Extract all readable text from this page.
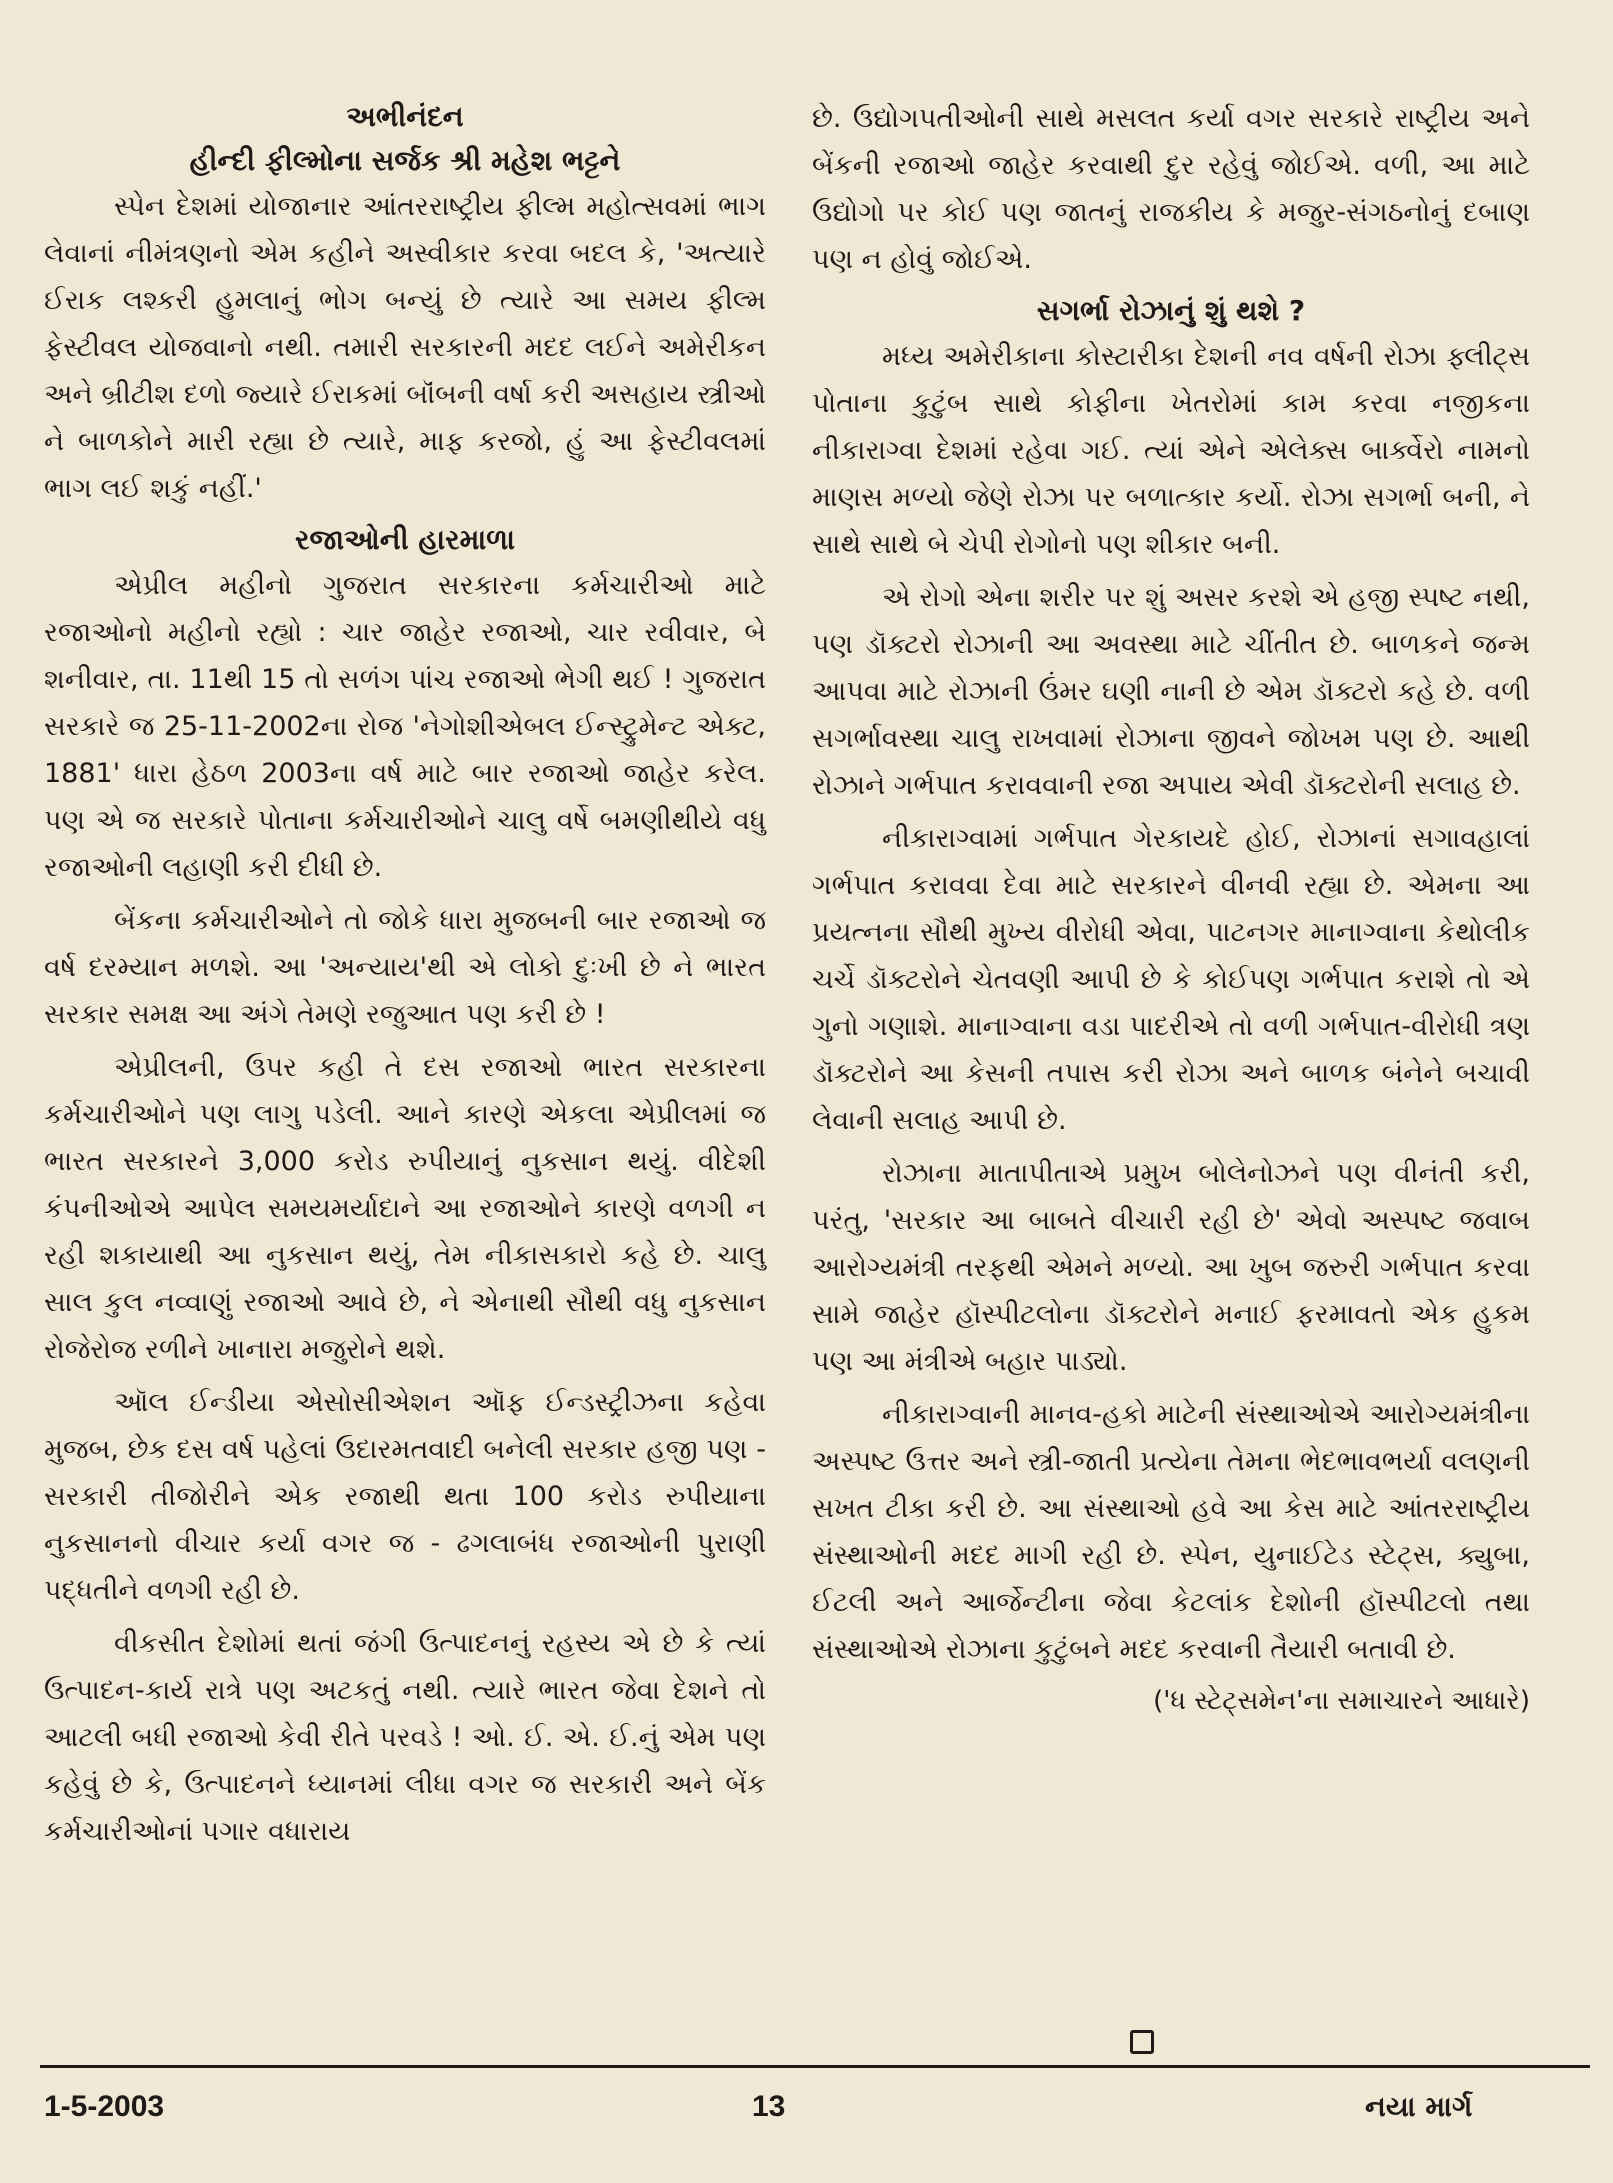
અભીનંદન

હીન્દી ફીલ્મોના સર્જક શ્રી મહેશ ભટ્ટને

સ્પેન દેશમાં યોજાનાર આંતરરાષ્ટ્રીય ફીલ્મ મહોત્સવમાં ભાગ લેવાનાં નીમંત્રણનો એમ કહીને અસ્વીકાર કરવા બદલ કે, 'અત્યારે ઈરાક લશ્કરી હુમલાનું ભોગ બન્યું છે ત્યારે આ સમય ફીલ્મ ફેસ્ટીવલ યોજવાનો નથી. તમારી સરકારની મદદ લઈને અમેરીકન અને બ્રીટીશ દળો જ્યારે ઈરાકમાં બૉંબની વર્ષા કરી અસહાય સ્ત્રીઓ ને બાળકોને મારી રહ્યા છે ત્યારે, માફ કરજો, હું આ ફેસ્ટીવલમાં ભાગ લઈ શકું નહીં.'

રજાઓની હારમાળા

એપ્રીલ મહીનો ગુજરાત સરકારના કર્મચારીઓ માટે રજાઓનો મહીનો રહ્યો : ચાર જાહેર રજાઓ, ચાર રવીવાર, બે શનીવાર, તા. 11થી 15 તો સળંગ પાંચ રજાઓ ભેગી થઈ ! ગુજરાત સરકારે જ 25-11-2002ના રોજ 'નેગોશીએબલ ઈન્સ્ટ્રુમેન્ટ એક્ટ, 1881' ધારા હેઠળ 2003ના વર્ષ માટે બાર રજાઓ જાહેર કરેલ. પણ એ જ સરકારે પોતાના કર્મચારીઓને ચાલુ વર્ષે બમણીથીયે વધુ રજાઓની લહાણી કરી દીધી છે.

બેંકના કર્મચારીઓને તો જોકે ધારા મુજબની બાર રજાઓ જ વર્ષ દરમ્યાન મળશે. આ 'અન્યાય'થી એ લોકો દુઃખી છે ને ભારત સરકાર સમક્ષ આ અંગે તેમણે રજુઆત પણ કરી છે !

એપ્રીલની, ઉપર કહી તે દસ રજાઓ ભારત સરકારના કર્મચારીઓને પણ લાગુ પડેલી. આને કારણે એકલા એપ્રીલમાં જ ભારત સરકારને 3,000 કરોડ રુપીયાનું નુકસાન થયું. વીદેશી કંપનીઓએ આપેલ સમયમર્યાદાને આ રજાઓને કારણે વળગી ન રહી શકાયાથી આ નુકસાન થયું, તેમ નીકાસકારો કહે છે. ચાલુ સાલ કુલ નવ્વાણું રજાઓ આવે છે, ને એનાથી સૌથી વધુ નુકસાન રોજેરોજ રળીને ખાનારા મજુરોને થશે.

ઑલ ઈન્ડીયા એસોસીએશન ઑફ ઈન્ડસ્ટ્રીઝના કહેવા મુજબ, છેક દસ વર્ષ પહેલાં ઉદારમતવાદી બનેલી સરકાર હજી પણ - સરકારી તીજોરીને એક રજાથી થતા 100 કરોડ રુપીયાના નુકસાનનો વીચાર કર્યા વગર જ - ઢગલાબંધ રજાઓની પુરાણી પદ્ધતીને વળગી રહી છે.

વીકસીત દેશોમાં થતાં જંગી ઉત્પાદનનું રહસ્ય એ છે કે ત્યાં ઉત્પાદન-કાર્ય રાત્રે પણ અટકતું નથી. ત્યારે ભારત જેવા દેશને તો આટલી બધી રજાઓ કેવી રીતે પરવડે ! ઓ. ઈ. એ. ઈ.નું એમ પણ કહેવું છે કે, ઉત્પાદનને ધ્યાનમાં લીધા વગર જ સરકારી અને બેંક કર્મચારીઓનાં પગાર વધારાય

છે. ઉદ્યોગપતીઓની સાથે મસલત કર્યા વગર સરકારે રાષ્ટ્રીય અને બેંકની રજાઓ જાહેર કરવાથી દુર રહેવું જોઈએ. વળી, આ માટે ઉદ્યોગો પર કોઈ પણ જાતનું રાજકીય કે મજુર-સંગઠનોનું દબાણ પણ ન હોવું જોઈએ.

સગર્ભા રોઝાનું શું થશે ?

મધ્ય અમેરીકાના કોસ્ટારીકા દેશની નવ વર્ષની રોઝા ફ્લીટ્સ પોતાના કુટુંબ સાથે કોફીના ખેતરોમાં કામ કરવા નજીકના નીકારાગ્વા દેશમાં રહેવા ગઈ. ત્યાં એને એલેક્સ બાર્ક્વેરો નામનો માણસ મળ્યો જેણે રોઝા પર બળાત્કાર કર્યો. રોઝા સગર્ભા બની, ને સાથે સાથે બે ચેપી રોગોનો પણ શીકાર બની.

એ રોગો એના શરીર પર શું અસર કરશે એ હજી સ્પષ્ટ નથી, પણ ડૉક્ટરો રોઝાની આ અવસ્થા માટે ચીંતીત છે. બાળકને જન્મ આપવા માટે રોઝાની ઉંમર ઘણી નાની છે એમ ડૉક્ટરો કહે છે. વળી સગર્ભાવસ્થા ચાલુ રાખવામાં રોઝાના જીવને જોખમ પણ છે. આથી રોઝાને ગર્ભપાત કરાવવાની રજા અપાય એવી ડૉક્ટરોની સલાહ છે.

નીકારાગ્વામાં ગર્ભપાત ગેરકાયદે હોઈ, રોઝાનાં સગાવહાલાં ગર્ભપાત કરાવવા દેવા માટે સરકારને વીનવી રહ્યા છે. એમના આ પ્રયત્નના સૌથી મુખ્ય વીરોધી એવા, પાટનગર માનાગ્વાના કેથોલીક ચર્ચે ડૉક્ટરોને ચેતવણી આપી છે કે કોઈપણ ગર્ભપાત કરાશે તો એ ગુનો ગણાશે. માનાગ્વાના વડા પાદરીએ તો વળી ગર્ભપાત-વીરોધી ત્રણ ડૉક્ટરોને આ કેસની તપાસ કરી રોઝા અને બાળક બંનેને બચાવી લેવાની સલાહ આપી છે.

રોઝાના માતાપીતાએ પ્રમુખ બોલેનોઝને પણ વીનંતી કરી, પરંતુ, 'સરકાર આ બાબતે વીચારી રહી છે' એવો અસ્પષ્ટ જવાબ આરોગ્યમંત્રી તરફથી એમને મળ્યો. આ ખુબ જરુરી ગર્ભપાત કરવા સામે જાહેર હૉસ્પીટલોના ડૉક્ટરોને મનાઈ ફરમાવતો એક હુકમ પણ આ મંત્રીએ બહાર પાડ્યો.

નીકારાગ્વાની માનવ-હકો માટેની સંસ્થાઓએ આરોગ્યમંત્રીના અસ્પષ્ટ ઉત્તર અને સ્ત્રી-જાતી પ્રત્યેના તેમના ભેદભાવભર્યા વલણની સખત ટીકા કરી છે. આ સંસ્થાઓ હવે આ કેસ માટે આંતરરાષ્ટ્રીય સંસ્થાઓની મદદ માગી રહી છે. સ્પેન, યુનાઈટેડ સ્ટેટ્સ, ક્યુબા, ઈટલી અને આર્જેન્ટીના જેવા કેટલાંક દેશોની હૉસ્પીટલો તથા સંસ્થાઓએ રોઝાના કુટુંબને મદદ કરવાની તૈયારી બતાવી છે.

('ધ સ્ટેટ્સમેન'ના સમાચારને આધારે)

1-5-2003	13	નયા માર્ગ
